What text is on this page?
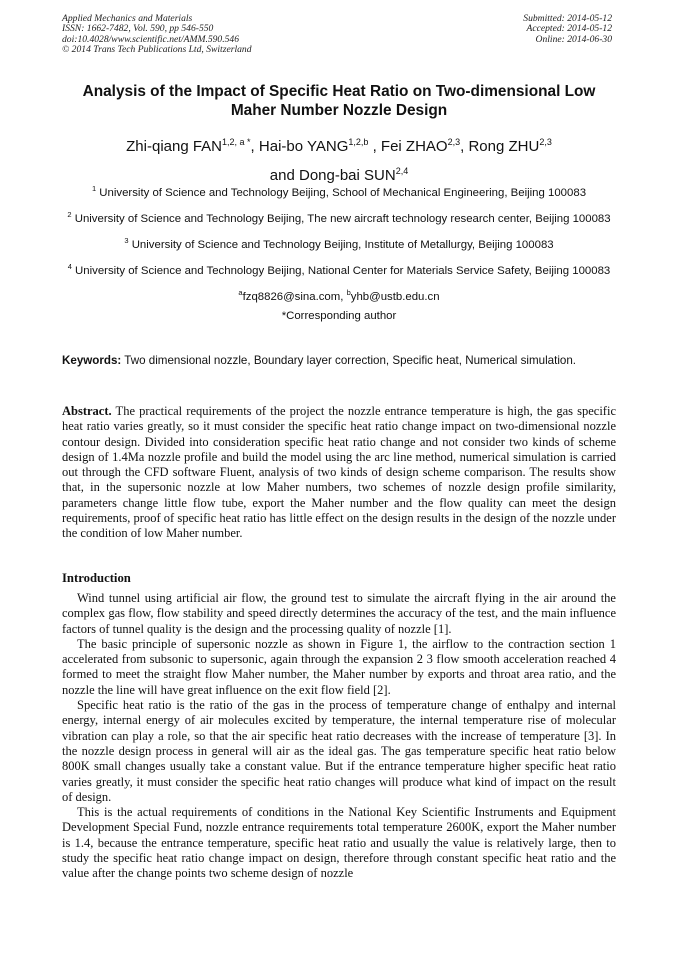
Applied Mechanics and Materials
ISSN: 1662-7482, Vol. 590, pp 546-550
doi:10.4028/www.scientific.net/AMM.590.546
© 2014 Trans Tech Publications Ltd, Switzerland
Submitted: 2014-05-12
Accepted: 2014-05-12
Online: 2014-06-30
Analysis of the Impact of Specific Heat Ratio on Two-dimensional Low Maher Number Nozzle Design
Zhi-qiang $FAN^{1,2, a *}$, Hai-bo YANG$^{1,2,b}$ , Fei ZHAO$^{2,3}$, Rong ZHU$^{2,3}$
and Dong-bai SUN$^{2,4}$
$^1$ University of Science and Technology Beijing, School of Mechanical Engineering, Beijing 100083
$^2$ University of Science and Technology Beijing, The new aircraft technology research center, Beijing 100083
$^3$ University of Science and Technology Beijing, Institute of Metallurgy, Beijing 100083
$^4$ University of Science and Technology Beijing, National Center for Materials Service Safety, Beijing 100083
$^a$fzq8826@sina.com, $^b$yhb@ustb.edu.cn
*Corresponding author
Keywords: Two dimensional nozzle, Boundary layer correction, Specific heat, Numerical simulation.
Abstract. The practical requirements of the project the nozzle entrance temperature is high, the gas specific heat ratio varies greatly, so it must consider the specific heat ratio change impact on two-dimensional nozzle contour design. Divided into consideration specific heat ratio change and not consider two kinds of scheme design of 1.4Ma nozzle profile and build the model using the arc line method, numerical simulation is carried out through the CFD software Fluent, analysis of two kinds of design scheme comparison. The results show that, in the supersonic nozzle at low Maher numbers, two schemes of nozzle design profile similarity, parameters change little flow tube, export the Maher number and the flow quality can meet the design requirements, proof of specific heat ratio has little effect on the design results in the design of the nozzle under the condition of low Maher number.
Introduction

Wind tunnel using artificial air flow, the ground test to simulate the aircraft flying in the air around the complex gas flow, flow stability and speed directly determines the accuracy of the test, and the main influence factors of tunnel quality is the design and the processing quality of nozzle [1].

The basic principle of supersonic nozzle as shown in Figure 1, the airflow to the contraction section 1 accelerated from subsonic to supersonic, again through the expansion 2 3 flow smooth acceleration reached 4 formed to meet the straight flow Maher number, the Maher number by exports and throat area ratio, and the nozzle the line will have great influence on the exit flow field [2].

Specific heat ratio is the ratio of the gas in the process of temperature change of enthalpy and internal energy, internal energy of air molecules excited by temperature, the internal temperature rise of molecular vibration can play a role, so that the air specific heat ratio decreases with the increase of temperature [3]. In the nozzle design process in general will air as the ideal gas. The gas temperature specific heat ratio below 800K small changes usually take a constant value. But if the entrance temperature higher specific heat ratio varies greatly, it must consider the specific heat ratio changes will produce what kind of impact on the result of design.

This is the actual requirements of conditions in the National Key Scientific Instruments and Equipment Development Special Fund, nozzle entrance requirements total temperature 2600K, export the Maher number is 1.4, because the entrance temperature, specific heat ratio and usually the value is relatively large, then to study the specific heat ratio change impact on design, therefore through constant specific heat ratio and the value after the change points two scheme design of nozzle
